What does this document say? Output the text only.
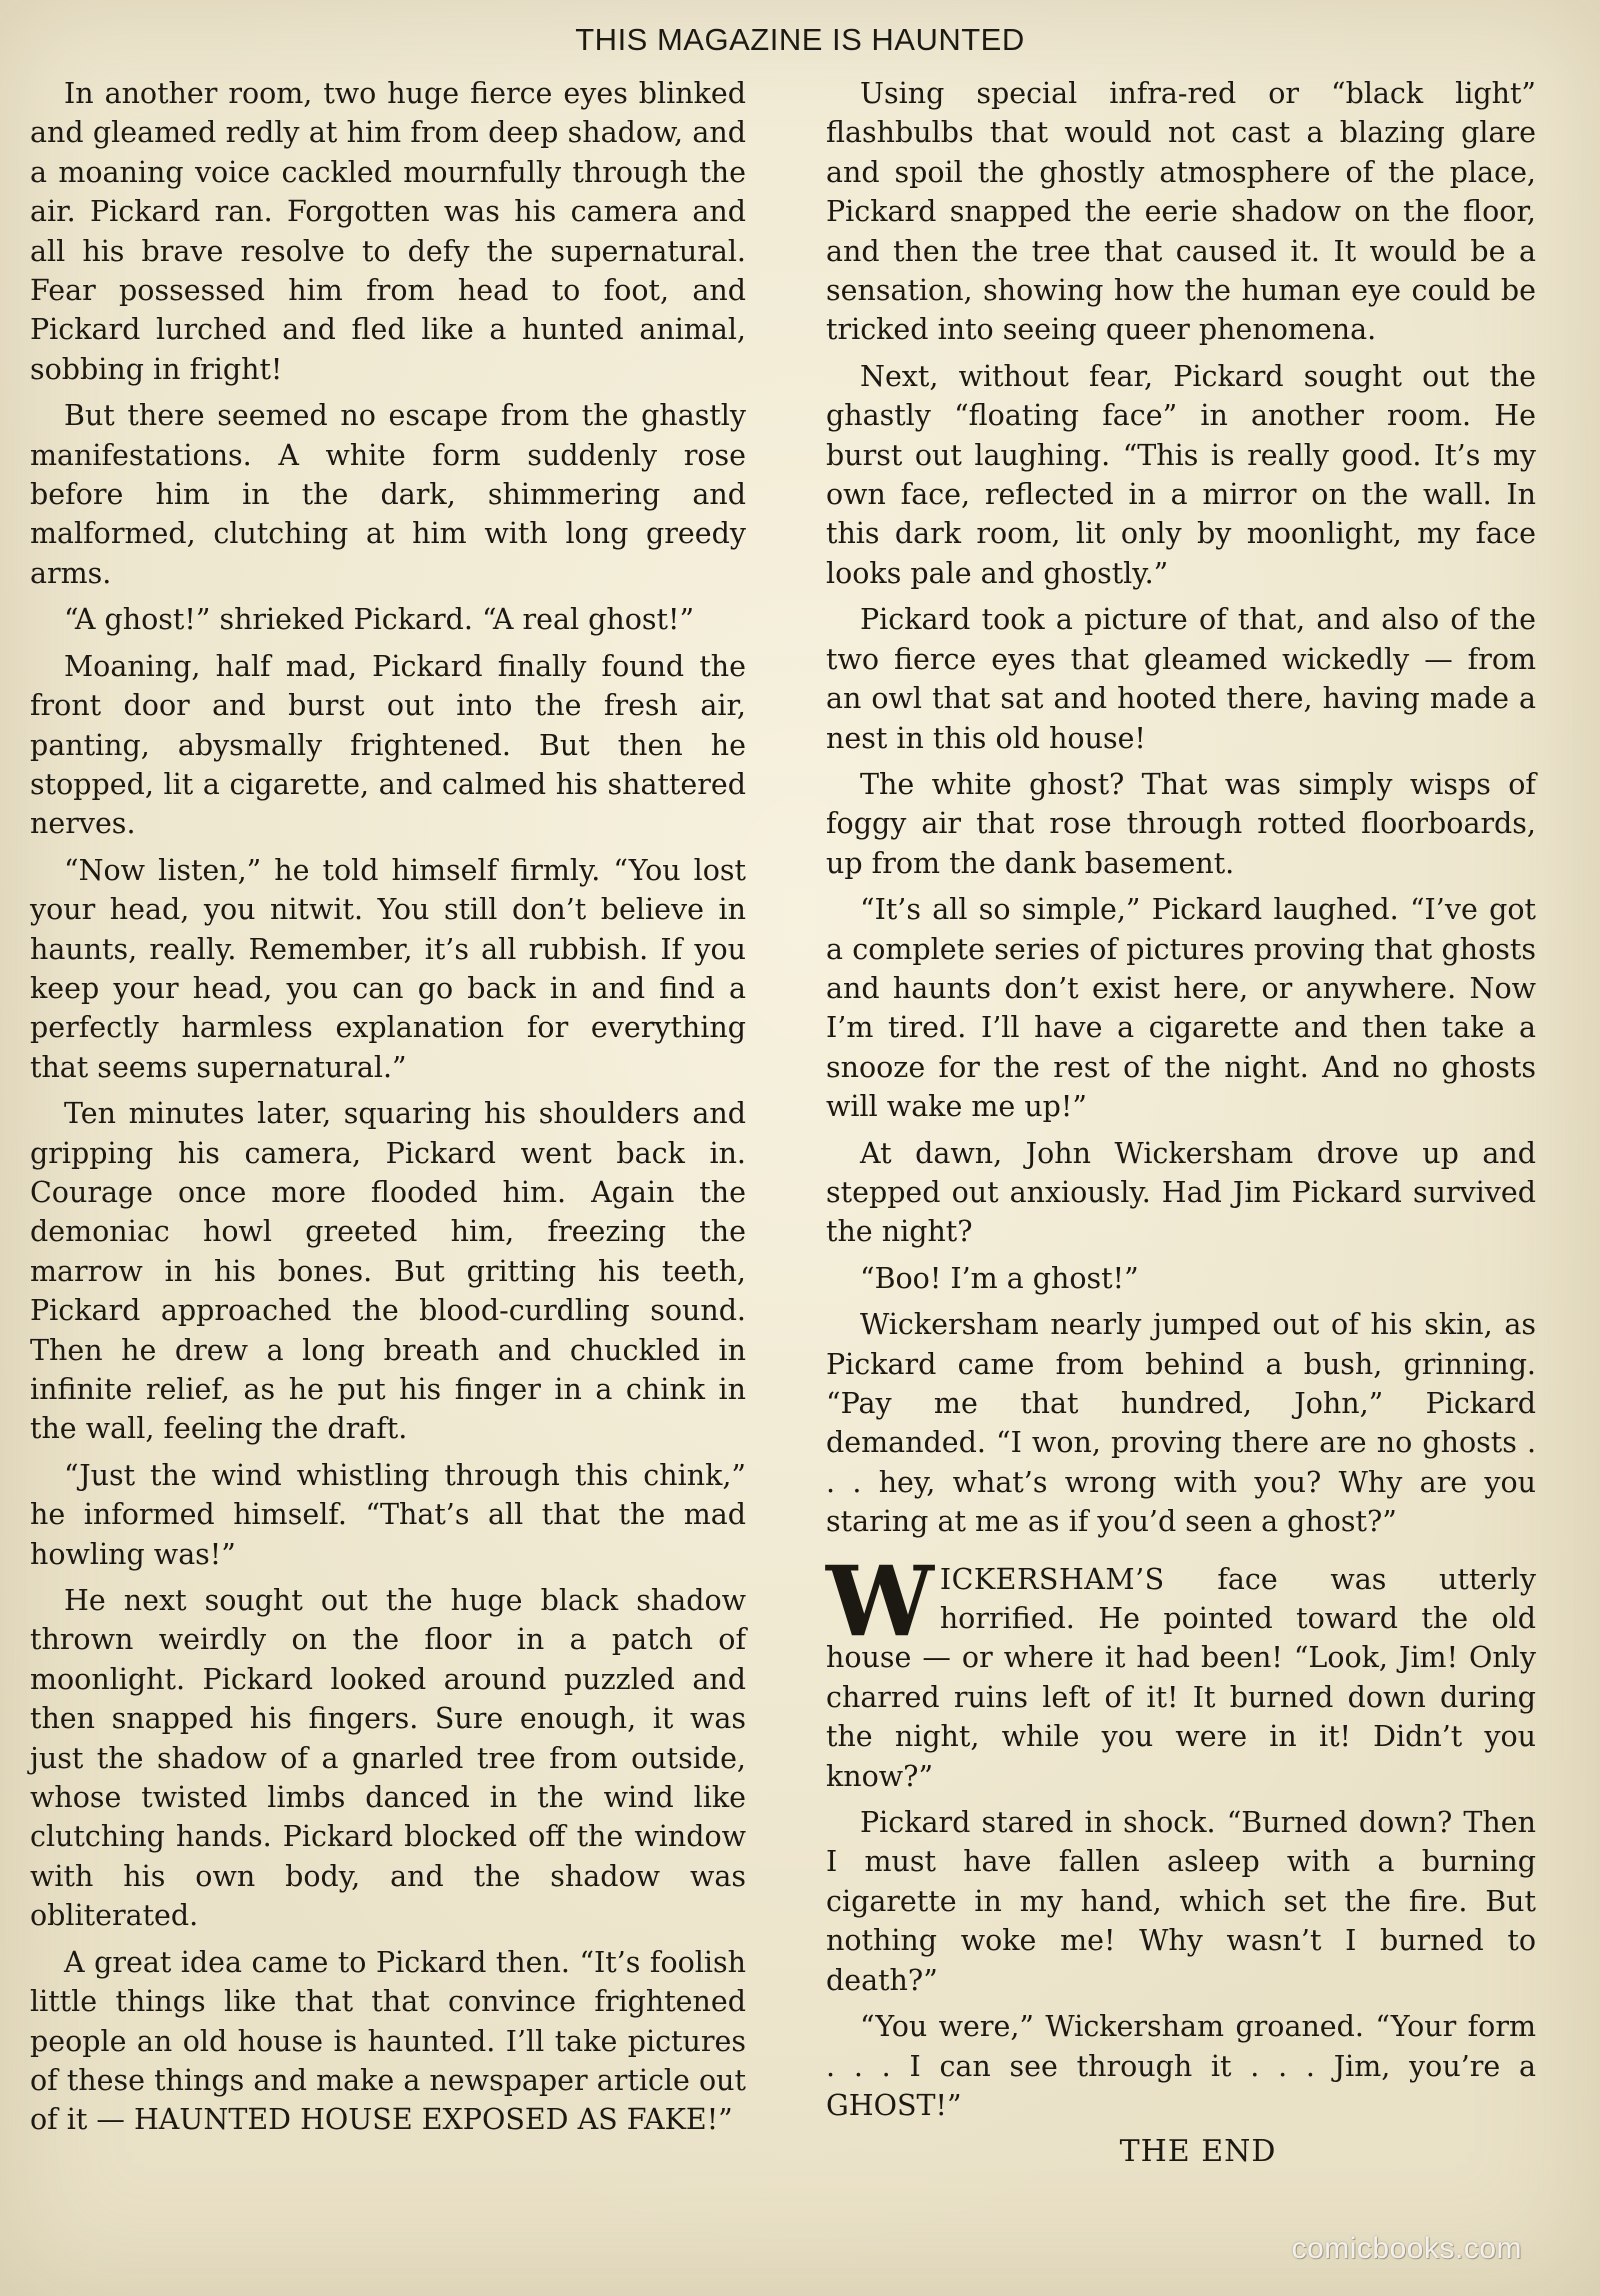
THIS MAGAZINE IS HAUNTED

In another room, two huge fierce eyes blinked and gleamed redly at him from deep shadow, and a moaning voice cackled mournfully through the air. Pickard ran. Forgotten was his camera and all his brave resolve to defy the supernatural. Fear possessed him from head to foot, and Pickard lurched and fled like a hunted animal, sobbing in fright!

But there seemed no escape from the ghastly manifestations. A white form suddenly rose before him in the dark, shimmering and malformed, clutching at him with long greedy arms.

“A ghost!” shrieked Pickard. “A real ghost!”

Moaning, half mad, Pickard finally found the front door and burst out into the fresh air, panting, abysmally frightened. But then he stopped, lit a cigarette, and calmed his shattered nerves.

“Now listen,” he told himself firmly. “You lost your head, you nitwit. You still don’t believe in haunts, really. Remember, it’s all rubbish. If you keep your head, you can go back in and find a perfectly harmless explanation for everything that seems supernatural.”

Ten minutes later, squaring his shoulders and gripping his camera, Pickard went back in. Courage once more flooded him. Again the demoniac howl greeted him, freezing the marrow in his bones. But gritting his teeth, Pickard approached the blood-curdling sound. Then he drew a long breath and chuckled in infinite relief, as he put his finger in a chink in the wall, feeling the draft.

“Just the wind whistling through this chink,” he informed himself. “That’s all that the mad howling was!”

He next sought out the huge black shadow thrown weirdly on the floor in a patch of moonlight. Pickard looked around puzzled and then snapped his fingers. Sure enough, it was just the shadow of a gnarled tree from outside, whose twisted limbs danced in the wind like clutching hands. Pickard blocked off the window with his own body, and the shadow was obliterated.

A great idea came to Pickard then. “It’s foolish little things like that that convince frightened people an old house is haunted. I’ll take pictures of these things and make a newspaper article out of it — HAUNTED HOUSE EXPOSED AS FAKE!”

Using special infra-red or “black light” flashbulbs that would not cast a blazing glare and spoil the ghostly atmosphere of the place, Pickard snapped the eerie shadow on the floor, and then the tree that caused it. It would be a sensation, showing how the human eye could be tricked into seeing queer phenomena.

Next, without fear, Pickard sought out the ghastly “floating face” in another room. He burst out laughing. “This is really good. It’s my own face, reflected in a mirror on the wall. In this dark room, lit only by moonlight, my face looks pale and ghostly.”

Pickard took a picture of that, and also of the two fierce eyes that gleamed wickedly — from an owl that sat and hooted there, having made a nest in this old house!

The white ghost? That was simply wisps of foggy air that rose through rotted floorboards, up from the dank basement.

“It’s all so simple,” Pickard laughed. “I’ve got a complete series of pictures proving that ghosts and haunts don’t exist here, or anywhere. Now I’m tired. I’ll have a cigarette and then take a snooze for the rest of the night. And no ghosts will wake me up!”

At dawn, John Wickersham drove up and stepped out anxiously. Had Jim Pickard survived the night?

“Boo! I’m a ghost!”

Wickersham nearly jumped out of his skin, as Pickard came from behind a bush, grinning. “Pay me that hundred, John,” Pickard demanded. “I won, proving there are no ghosts . . . hey, what’s wrong with you? Why are you staring at me as if you’d seen a ghost?”

WICKERSHAM’S face was utterly horrified. He pointed toward the old house — or where it had been! “Look, Jim! Only charred ruins left of it! It burned down during the night, while you were in it! Didn’t you know?”

Pickard stared in shock. “Burned down? Then I must have fallen asleep with a burning cigarette in my hand, which set the fire. But nothing woke me! Why wasn’t I burned to death?”

“You were,” Wickersham groaned. “Your form . . . I can see through it . . . Jim, you’re a GHOST!”

THE END

comicbooks.com
